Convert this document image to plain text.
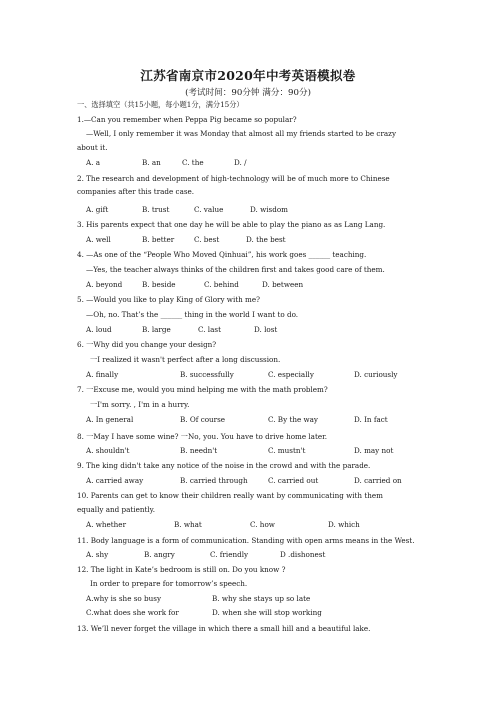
江苏省南京市2020年中考英语模拟卷
(考试时间：90分钟 满分：90分)
一、选择填空（共15小题，每小题1分，满分15分）
1.—Can you remember when Peppa Pig became so popular?
—Well, I only remember it was Monday that almost all my friends started to be crazy
about it.
A. a	B. an	C. the	D. /
2. The research and development of high-technology will be of much more to Chinese
companies after this trade case.
A. gift	B. trust	C. value	D. wisdom
3. His parents expect that one day he will be able to play the piano as as Lang Lang.
A. well	B. better	C. best	D. the best
4. —As one of the “People Who Moved Qinhuai”, his work goes ______ teaching.
—Yes, the teacher always thinks of the children first and takes good care of them.
A. beyond	B. beside	C. behind	D. between
5. —Would you like to play King of Glory with me?
—Oh, no. That’s the ______ thing in the world I want to do.
A. loud	B. large	C. last	D. lost
6. 一Why did you change your design?
一I realized it wasn't perfect after a long discussion.
A. finally	B. successfully	C. especially	D. curiously
7. 一Excuse me, would you mind helping me with the math problem?
一I'm sorry. , I'm in a hurry.
A. In general	B. Of course	C. By the way	D. In fact
8. 一May I have some wine? 一No, you. You have to drive home later.
A. shouldn't	B. needn't	C. mustn't	D. may not
9. The king didn't take any notice of the noise in the crowd and with the parade.
A. carried away	B. carried through	C. carried out	D. carried on
10. Parents can get to know their children really want by communicating with them
equally and patiently.
A. whether	B. what	C. how	D. which
11. Body language is a form of communication. Standing with open arms means in the West.
A. shy	B. angry	C. friendly	D .dishonest
12. The light in Kate’s bedroom is still on. Do you know ?
In order to prepare for tomorrow’s speech.
A.why is she so busy	B. why she stays up so late
C.what does she work for	D. when she will stop working
13. We’ll never forget the village in which there a small hill and a beautiful lake.
